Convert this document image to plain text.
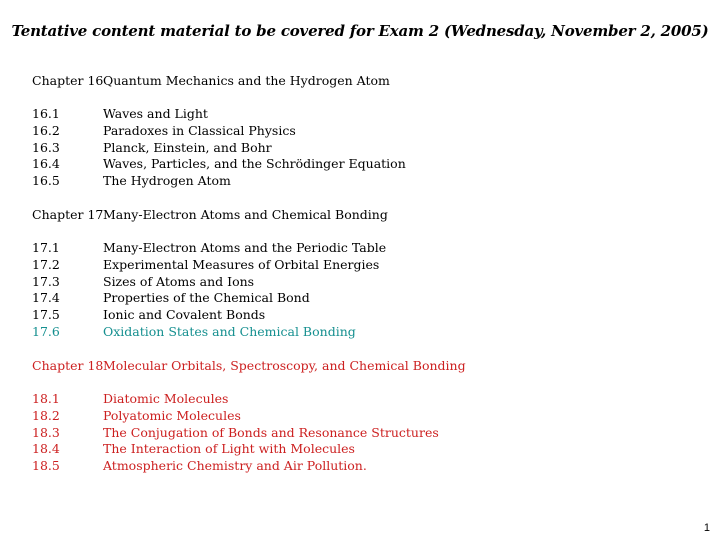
Tentative content material to be covered for Exam 2 (Wednesday, November 2, 2005)
Chapter 16Quantum Mechanics and the Hydrogen Atom
16.1	Waves and Light
16.2	Paradoxes in Classical Physics
16.3	Planck, Einstein, and Bohr
16.4	Waves, Particles, and the Schrödinger Equation
16.5	The Hydrogen Atom
Chapter 17Many-Electron Atoms and Chemical Bonding
17.1	Many-Electron Atoms and the Periodic Table
17.2	Experimental Measures of Orbital Energies
17.3	Sizes of Atoms and Ions
17.4	Properties of the Chemical Bond
17.5	Ionic and Covalent Bonds
17.6	Oxidation States and Chemical Bonding
Chapter 18Molecular Orbitals, Spectroscopy, and Chemical Bonding
18.1	Diatomic Molecules
18.2	Polyatomic Molecules
18.3	The Conjugation of Bonds and Resonance Structures
18.4	The Interaction of Light with Molecules
18.5	Atmospheric Chemistry and Air Pollution.
1
